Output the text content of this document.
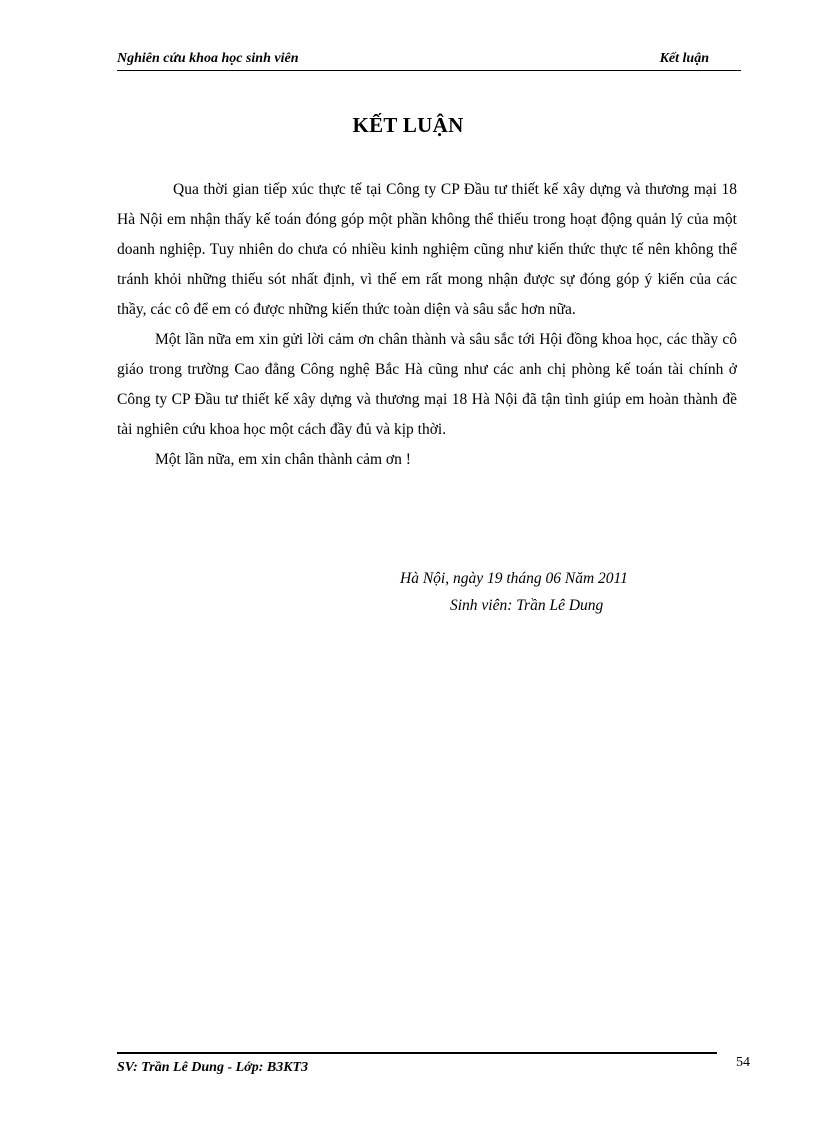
Nghiên cứu khoa học sinh viên	Kết luận
KẾT LUẬN

Qua thời gian tiếp xúc thực tế tại Công ty CP Đầu tư thiết kế xây dựng và thương mại 18 Hà Nội em nhận thấy kế toán đóng góp một phần không thể thiếu trong hoạt động quản lý của một doanh nghiệp. Tuy nhiên do chưa có nhiều kinh nghiệm cũng như kiến thức thực tế nên không thể tránh khỏi những thiếu sót nhất định, vì thế em rất mong nhận được sự đóng góp ý kiến của các thầy, các cô để em có được những kiến thức toàn diện và sâu sắc hơn nữa.

Một lần nữa em xin gửi lời cảm ơn chân thành và sâu sắc tới Hội đồng khoa học, các thầy cô giáo trong trường Cao đẳng Công nghệ Bắc Hà cũng như các anh chị phòng kế toán tài chính ở Công ty CP Đầu tư thiết kế xây dựng và thương mại 18 Hà Nội đã tận tình giúp em hoàn thành đề tài nghiên cứu khoa học một cách đầy đủ và kịp thời.

Một lần nữa, em xin chân thành cảm ơn !

Hà Nội, ngày 19 tháng 06 Năm 2011
Sinh viên: Trần Lê Dung
SV: Trần Lê Dung - Lớp: B3KT3	54
